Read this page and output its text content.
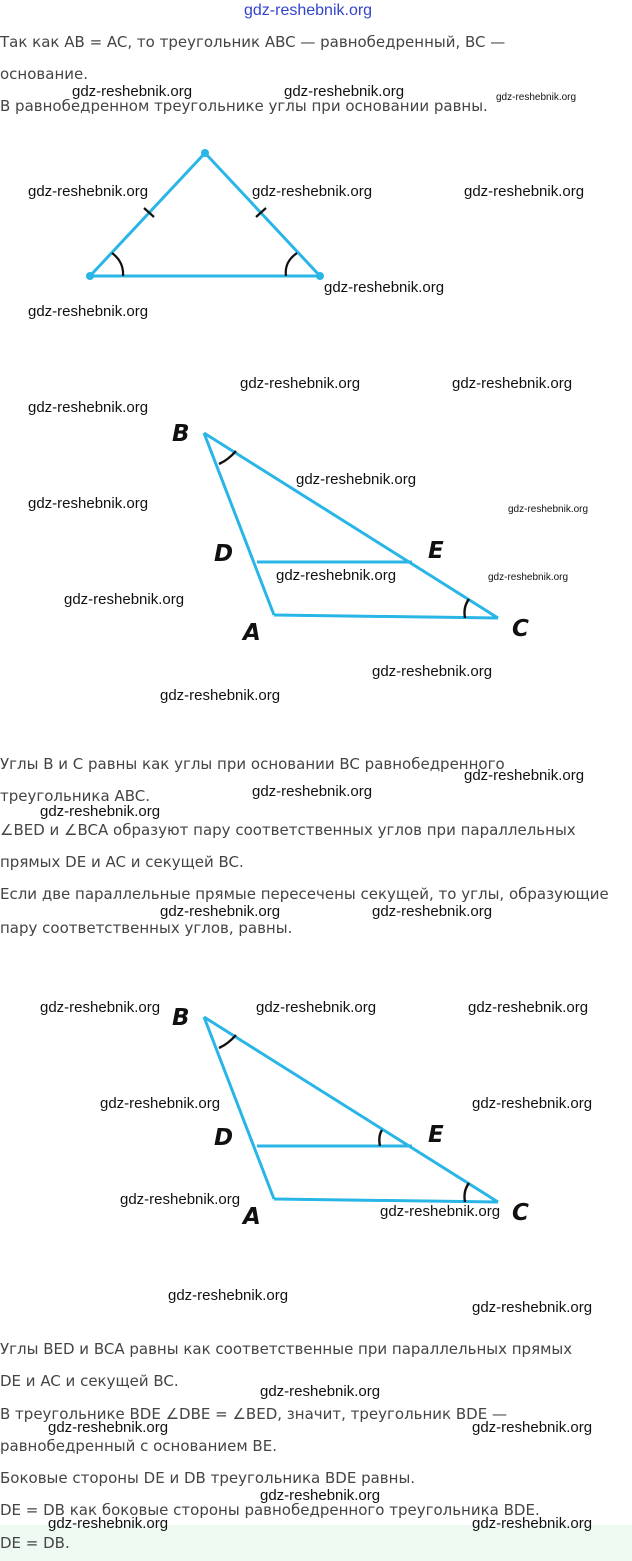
Так как AB = AC, то треугольник ABC — равнобедренный, BC —
основание.
В равнобедренном треугольнике углы при основании равны.
B
D	E
A	C
Углы B и C равны как углы при основании BC равнобедренного
треугольника ABC.
∠BED и ∠BCA образуют пару соответственных углов при параллельных
прямых DE и AC и секущей BC.
Если две параллельные прямые пересечены секущей, то углы, образующие
пару соответственных углов, равны.
B
D	E
A	C
Углы BED и BCA равны как соответственные при параллельных прямых
DE и AC и секущей BC.
В треугольнике BDE ∠DBE = ∠BED, значит, треугольник BDE —
равнобедренный с основанием BE.
Боковые стороны DE и DB треугольника BDE равны.
DE = DB как боковые стороны равнобедренного треугольника BDE.
DE = DB.
gdz-reshebnik.org
gdz-reshebnik.org	gdz-reshebnik.org	gdz-reshebnik.org
gdz-reshebnik.org	gdz-reshebnik.org	gdz-reshebnik.org
gdz-reshebnik.org
gdz-reshebnik.org
gdz-reshebnik.org	gdz-reshebnik.org
gdz-reshebnik.org
gdz-reshebnik.org
gdz-reshebnik.org	gdz-reshebnik.org
gdz-reshebnik.org	gdz-reshebnik.org
gdz-reshebnik.org
gdz-reshebnik.org
gdz-reshebnik.org
gdz-reshebnik.org
gdz-reshebnik.org
gdz-reshebnik.org
gdz-reshebnik.org	gdz-reshebnik.org
gdz-reshebnik.org	gdz-reshebnik.org	gdz-reshebnik.org
gdz-reshebnik.org	gdz-reshebnik.org
gdz-reshebnik.org
gdz-reshebnik.org
gdz-reshebnik.org
gdz-reshebnik.org
gdz-reshebnik.org
gdz-reshebnik.org	gdz-reshebnik.org
gdz-reshebnik.org
gdz-reshebnik.org	gdz-reshebnik.org
